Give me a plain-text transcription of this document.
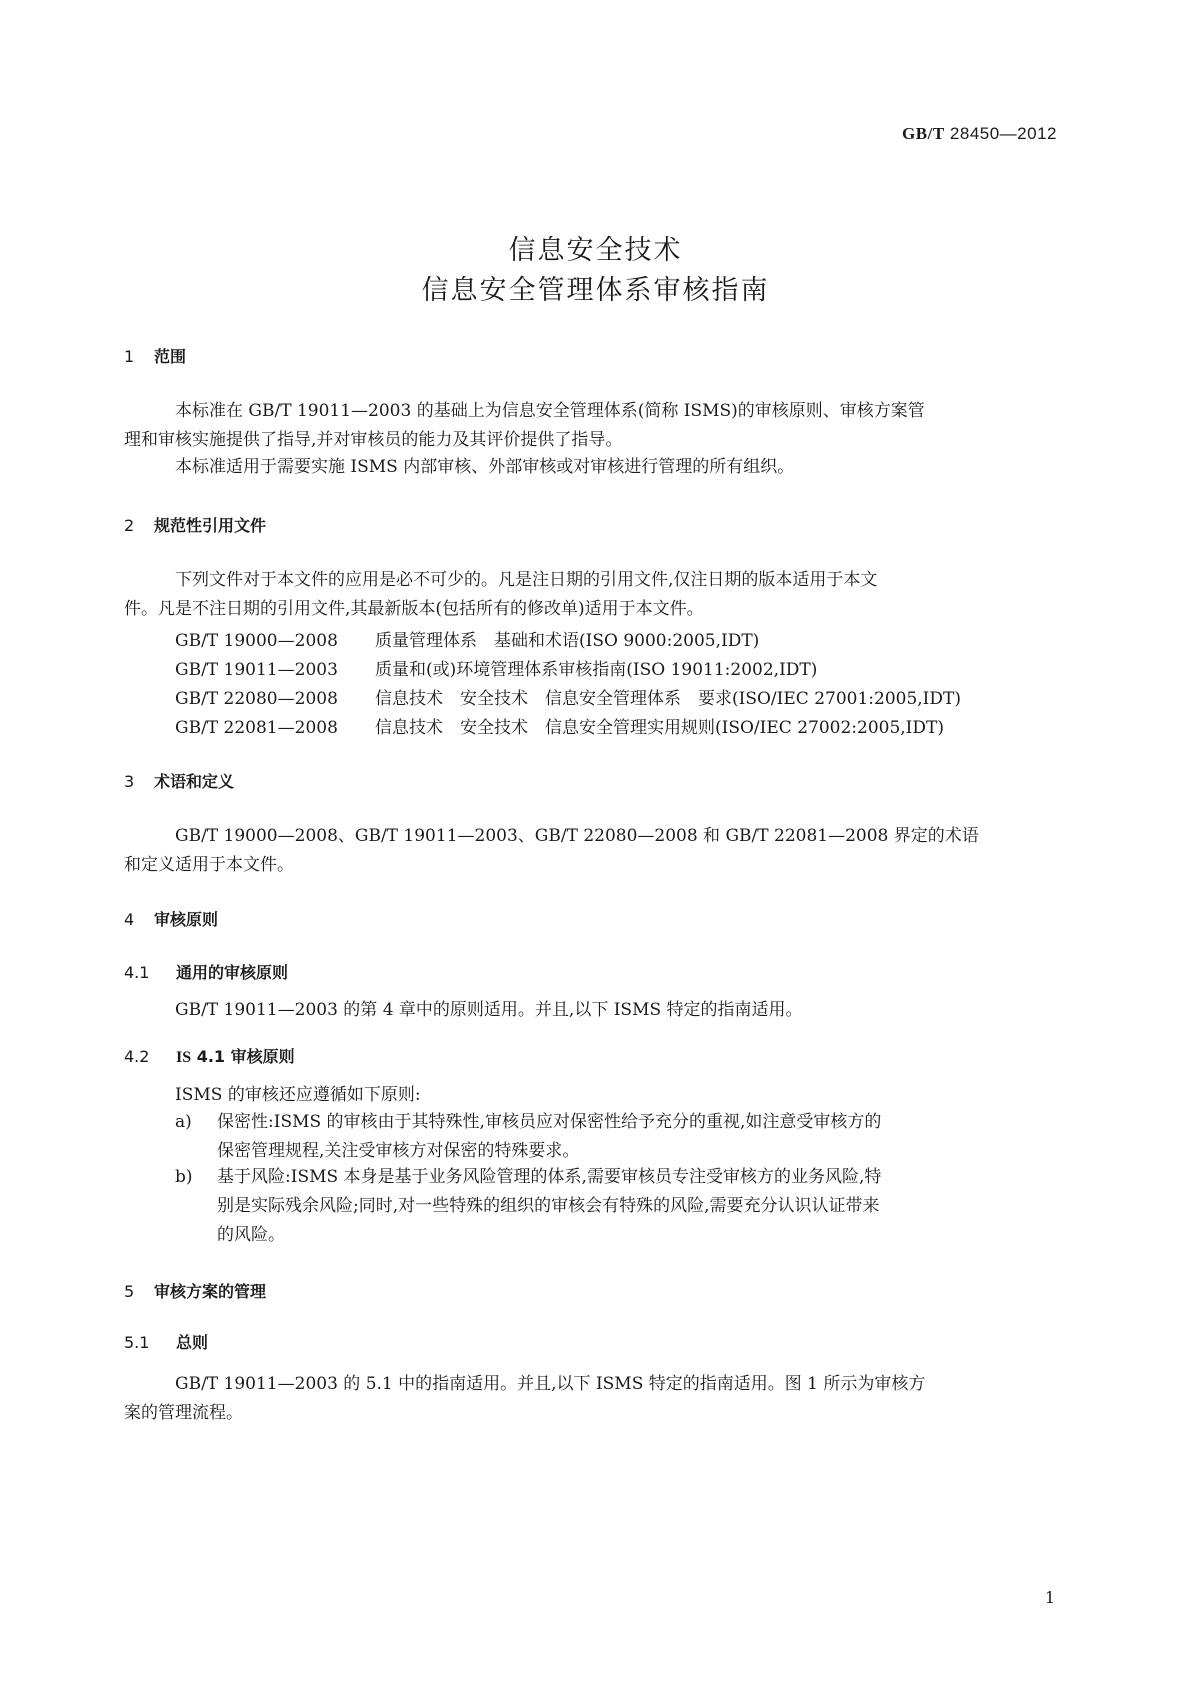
GB/T 28450—2012
信息安全技术
信息安全管理体系审核指南
1 范围
本标准在 GB/T 19011—2003 的基础上为信息安全管理体系(简称 ISMS)的审核原则、审核方案管
理和审核实施提供了指导,并对审核员的能力及其评价提供了指导。
本标准适用于需要实施 ISMS 内部审核、外部审核或对审核进行管理的所有组织。
2 规范性引用文件
下列文件对于本文件的应用是必不可少的。凡是注日期的引用文件,仅注日期的版本适用于本文
件。凡是不注日期的引用文件,其最新版本(包括所有的修改单)适用于本文件。
GB/T 19000—2008 质量管理体系　基础和术语(ISO 9000:2005,IDT)
GB/T 19011—2003 质量和(或)环境管理体系审核指南(ISO 19011:2002,IDT)
GB/T 22080—2008 信息技术　安全技术　信息安全管理体系　要求(ISO/IEC 27001:2005,IDT)
GB/T 22081—2008 信息技术　安全技术　信息安全管理实用规则(ISO/IEC 27002:2005,IDT)
3 术语和定义
GB/T 19000—2008、GB/T 19011—2003、GB/T 22080—2008 和 GB/T 22081—2008 界定的术语
和定义适用于本文件。
4 审核原则
4.1 通用的审核原则
GB/T 19011—2003 的第 4 章中的原则适用。并且,以下 ISMS 特定的指南适用。
4.2 IS 4.1 审核原则
ISMS 的审核还应遵循如下原则:
a) 保密性:ISMS 的审核由于其特殊性,审核员应对保密性给予充分的重视,如注意受审核方的
保密管理规程,关注受审核方对保密的特殊要求。
b) 基于风险:ISMS 本身是基于业务风险管理的体系,需要审核员专注受审核方的业务风险,特
别是实际残余风险;同时,对一些特殊的组织的审核会有特殊的风险,需要充分认识认证带来
的风险。
5 审核方案的管理
5.1 总则
GB/T 19011—2003 的 5.1 中的指南适用。并且,以下 ISMS 特定的指南适用。图 1 所示为审核方
案的管理流程。
1
